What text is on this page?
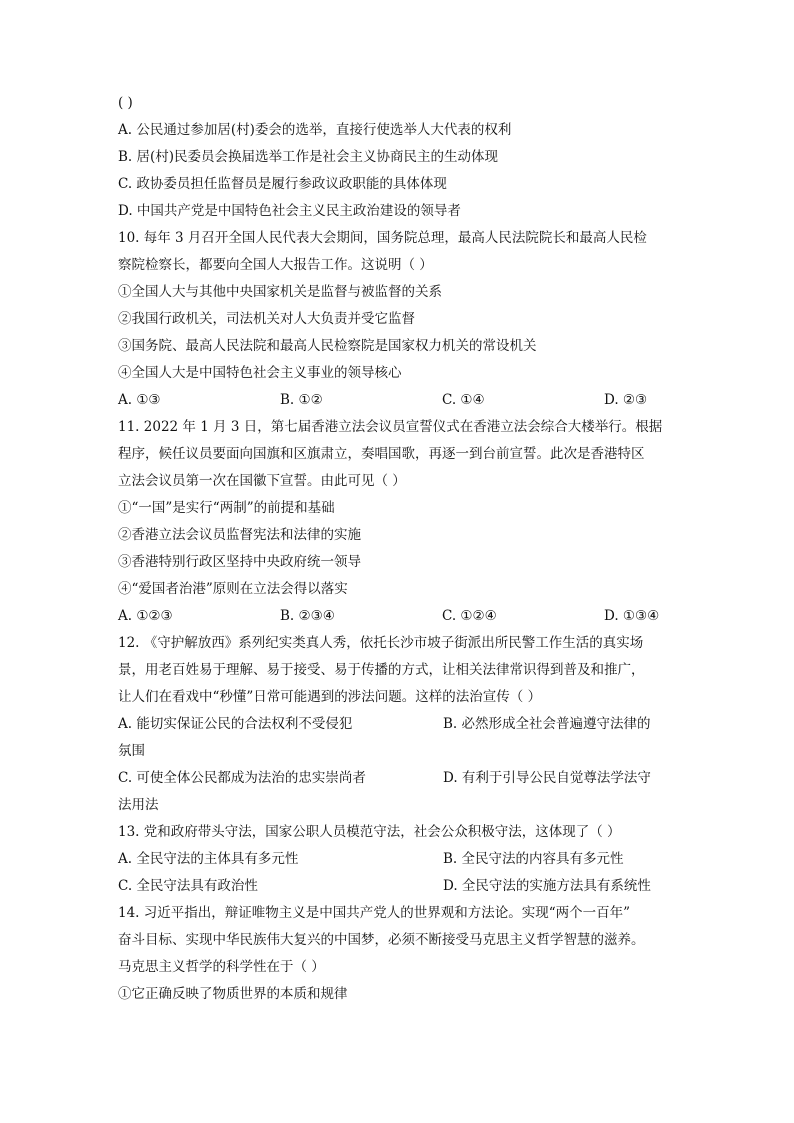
( )
A. 公民通过参加居(村)委会的选举，直接行使选举人大代表的权利
B. 居(村)民委员会换届选举工作是社会主义协商民主的生动体现
C. 政协委员担任监督员是履行参政议政职能的具体体现
D. 中国共产党是中国特色社会主义民主政治建设的领导者
10. 每年 3 月召开全国人民代表大会期间，国务院总理，最高人民法院院长和最高人民检
察院检察长，都要向全国人大报告工作。这说明（ ）
①全国人大与其他中央国家机关是监督与被监督的关系
②我国行政机关，司法机关对人大负责并受它监督
③国务院、最高人民法院和最高人民检察院是国家权力机关的常设机关
④全国人大是中国特色社会主义事业的领导核心
A. ①③	B. ①②	C. ①④	D. ②③
11. 2022 年 1 月 3 日，第七届香港立法会议员宣誓仪式在香港立法会综合大楼举行。根据
程序，候任议员要面向国旗和区旗肃立，奏唱国歌，再逐一到台前宣誓。此次是香港特区
立法会议员第一次在国徽下宣誓。由此可见（ ）
①“一国”是实行“两制”的前提和基础
②香港立法会议员监督宪法和法律的实施
③香港特别行政区坚持中央政府统一领导
④“爱国者治港”原则在立法会得以落实
A. ①②③	B. ②③④	C. ①②④	D. ①③④
12. 《守护解放西》系列纪实类真人秀，依托长沙市坡子街派出所民警工作生活的真实场
景，用老百姓易于理解、易于接受、易于传播的方式，让相关法律常识得到普及和推广，
让人们在看戏中“秒懂”日常可能遇到的涉法问题。这样的法治宣传（ ）
A. 能切实保证公民的合法权利不受侵犯	B. 必然形成全社会普遍遵守法律的
氛围
C. 可使全体公民都成为法治的忠实崇尚者	D. 有利于引导公民自觉尊法学法守
法用法
13. 党和政府带头守法，国家公职人员模范守法，社会公众积极守法，这体现了（ ）
A. 全民守法的主体具有多元性	B. 全民守法的内容具有多元性
C. 全民守法具有政治性	D. 全民守法的实施方法具有系统性
14. 习近平指出，辩证唯物主义是中国共产党人的世界观和方法论。实现“两个一百年”
奋斗目标、实现中华民族伟大复兴的中国梦，必须不断接受马克思主义哲学智慧的滋养。
马克思主义哲学的科学性在于（ ）
①它正确反映了物质世界的本质和规律
